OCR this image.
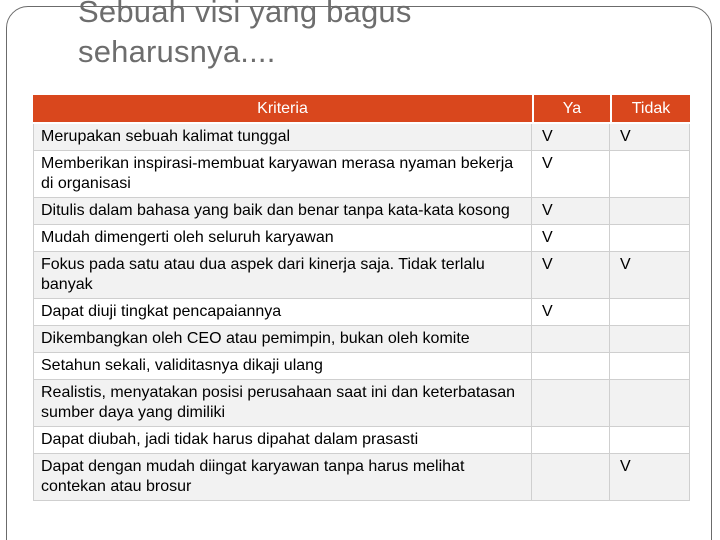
Sebuah visi yang bagus
seharusnya....
Kriteria	Ya	Tidak
Merupakan sebuah kalimat tunggal	V	V
Memberikan inspirasi-membuat karyawan merasa nyaman bekerja di organisasi	V	
Ditulis dalam bahasa yang baik dan benar tanpa kata-kata kosong	V	
Mudah dimengerti oleh seluruh karyawan	V	
Fokus pada satu atau dua aspek dari kinerja saja. Tidak terlalu banyak	V	V
Dapat diuji tingkat pencapaiannya	V	
Dikembangkan oleh CEO atau pemimpin, bukan oleh komite		
Setahun sekali, validitasnya dikaji ulang		
Realistis, menyatakan posisi perusahaan saat ini dan keterbatasan sumber daya yang dimiliki		
Dapat diubah, jadi tidak harus dipahat dalam prasasti		
Dapat dengan mudah diingat karyawan tanpa harus melihat contekan atau brosur		V
